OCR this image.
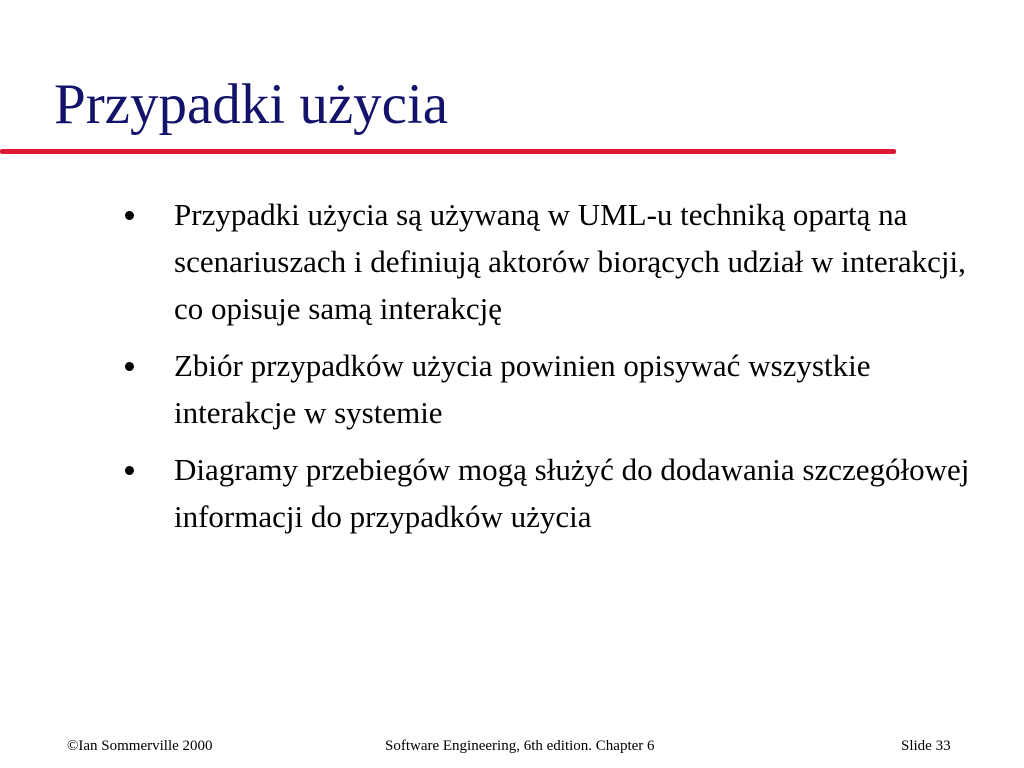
Przypadki użycia
Przypadki użycia są używaną w UML-u techniką opartą na scenariuszach i definiują aktorów biorących udział w interakcji, co opisuje samą interakcję
Zbiór przypadków użycia powinien opisywać wszystkie interakcje w systemie
Diagramy przebiegów mogą służyć do dodawania szczegółowej informacji do przypadków użycia
©Ian Sommerville 2000	Software Engineering, 6th edition. Chapter 6	Slide 33
